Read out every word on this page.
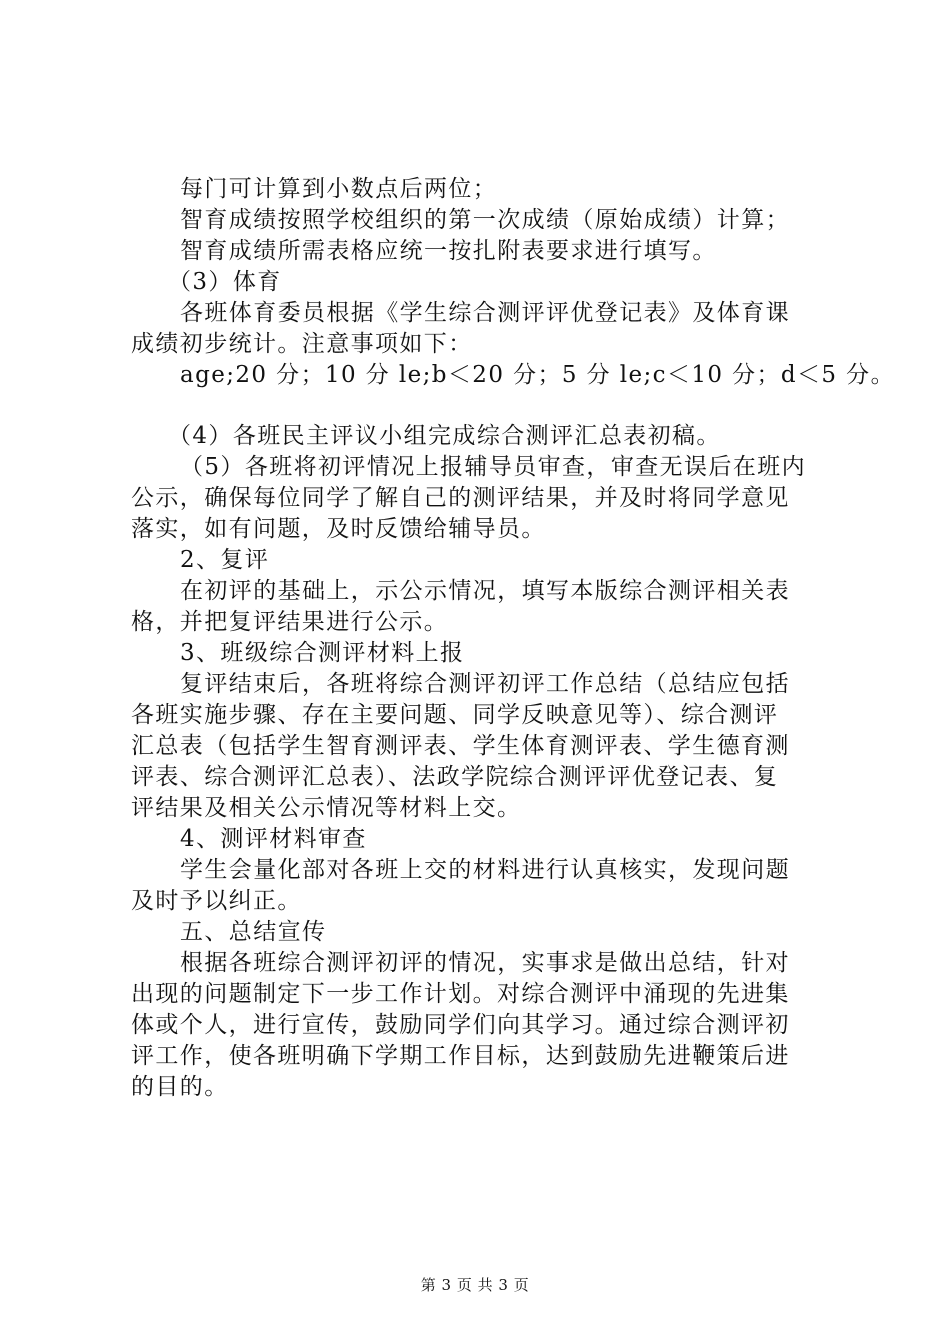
每门可计算到小数点后两位；
智育成绩按照学校组织的第一次成绩（原始成绩）计算；
智育成绩所需表格应统一按扎附表要求进行填写。
（3）体育
各班体育委员根据《学生综合测评评优登记表》及体育课
成绩初步统计。注意事项如下：
age;20 分；10 分 le;b＜20 分；5 分 le;c＜10 分；d＜5 分。
（4）各班民主评议小组完成综合测评汇总表初稿。
（5）各班将初评情况上报辅导员审查，审查无误后在班内
公示，确保每位同学了解自己的测评结果，并及时将同学意见
落实，如有问题，及时反馈给辅导员。
2、复评
在初评的基础上，示公示情况，填写本版综合测评相关表
格，并把复评结果进行公示。
3、班级综合测评材料上报
复评结束后，各班将综合测评初评工作总结（总结应包括
各班实施步骤、存在主要问题、同学反映意见等）、综合测评
汇总表（包括学生智育测评表、学生体育测评表、学生德育测
评表、综合测评汇总表）、法政学院综合测评评优登记表、复
评结果及相关公示情况等材料上交。
4、测评材料审查
学生会量化部对各班上交的材料进行认真核实，发现问题
及时予以纠正。
五、总结宣传
根据各班综合测评初评的情况，实事求是做出总结，针对
出现的问题制定下一步工作计划。对综合测评中涌现的先进集
体或个人，进行宣传，鼓励同学们向其学习。通过综合测评初
评工作，使各班明确下学期工作目标，达到鼓励先进鞭策后进
的目的。
第 3 页 共 3 页
